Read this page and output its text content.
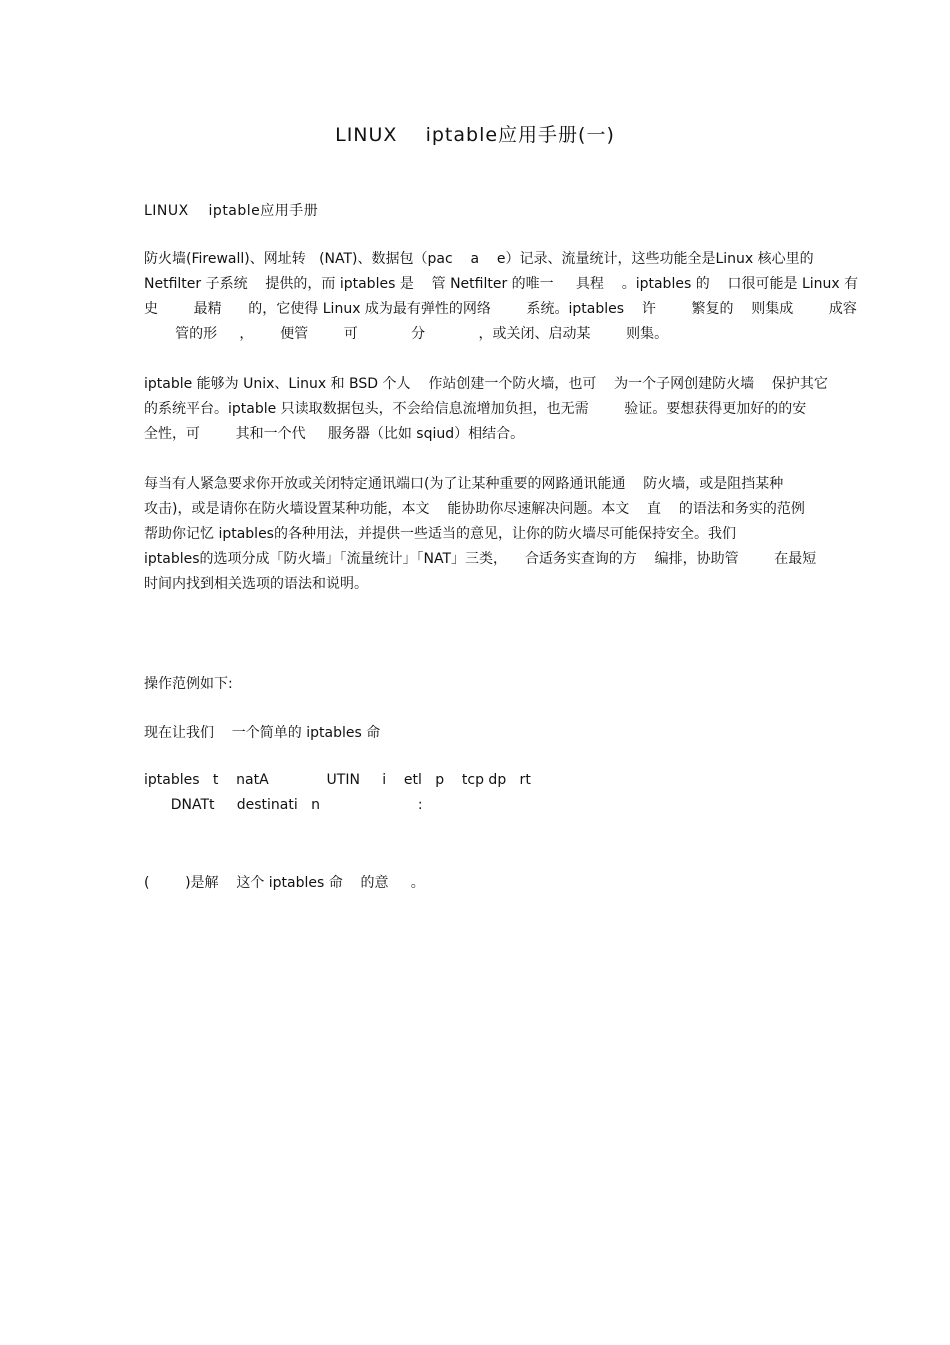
LINUX    iptable应用手册(一)
LINUX    iptable应用手册
防火墙(Firewall)、网址转   (NAT)、数据包（pac    a    e）记录、流量统计，这些功能全是Linux 核心里的
Netfilter 子系统    提供的，而 iptables 是    管 Netfilter 的唯一     具程    。iptables 的    口很可能是 Linux 有
史        最精      的，它使得 Linux 成为最有弹性的网络        系统。iptables    许        繁复的    则集成        成容
管的形     ，      便管        可            分            ，或关闭、启动某        则集。
iptable 能够为 Unix、Linux 和 BSD 个人    作站创建一个防火墙，也可    为一个子网创建防火墙    保护其它
的系统平台。iptable 只读取数据包头，不会给信息流增加负担，也无需        验证。要想获得更加好的的安
全性，可        其和一个代     服务器（比如 sqiud）相结合。
每当有人紧急要求你开放或关闭特定通讯端口(为了让某种重要的网路通讯能通    防火墙，或是阻挡某种
攻击)，或是请你在防火墙设置某种功能，本文    能协助你尽速解决问题。本文    直    的语法和务实的范例
帮助你记忆 iptables的各种用法，并提供一些适当的意见，让你的防火墙尽可能保持安全。我们
iptables的选项分成「防火墙」「流量统计」「NAT」三类，    合适务实查询的方    编排，协助管        在最短
时间内找到相关选项的语法和说明。
操作范例如下:
现在让我们    一个简单的 iptables 命
iptables   t    natA             UTIN     i    etl   p    tcp dp   rt
DNATt     destinati   n                      :
(        )是解    这个 iptables 命    的意     。
